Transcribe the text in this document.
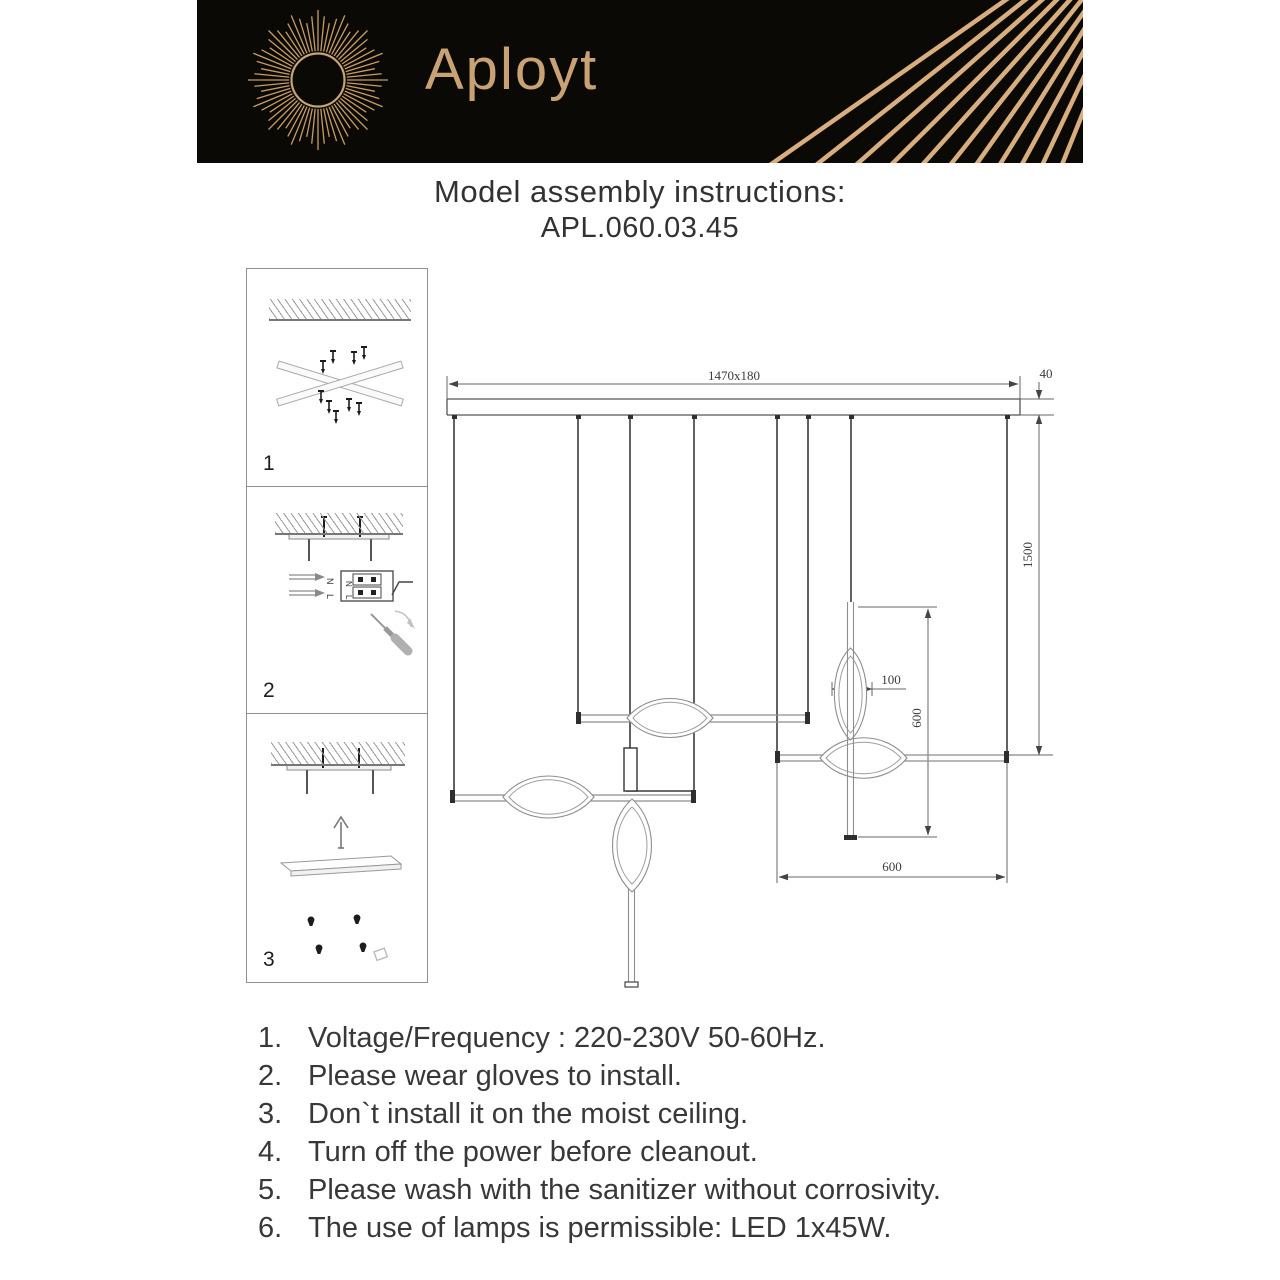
Aployt
Model assembly instructions:
APL.060.03.45
1
N
L
N
L
2
3
1470x180	40
1500
100
600
600
1. Voltage/Frequency : 220-230V 50-60Hz.
2. Please wear gloves to install.
3. Don`t install it on the moist ceiling.
4. Turn off the power before cleanout.
5. Please wash with the sanitizer without corrosivity.
6. The use of lamps is permissible: LED 1x45W.
